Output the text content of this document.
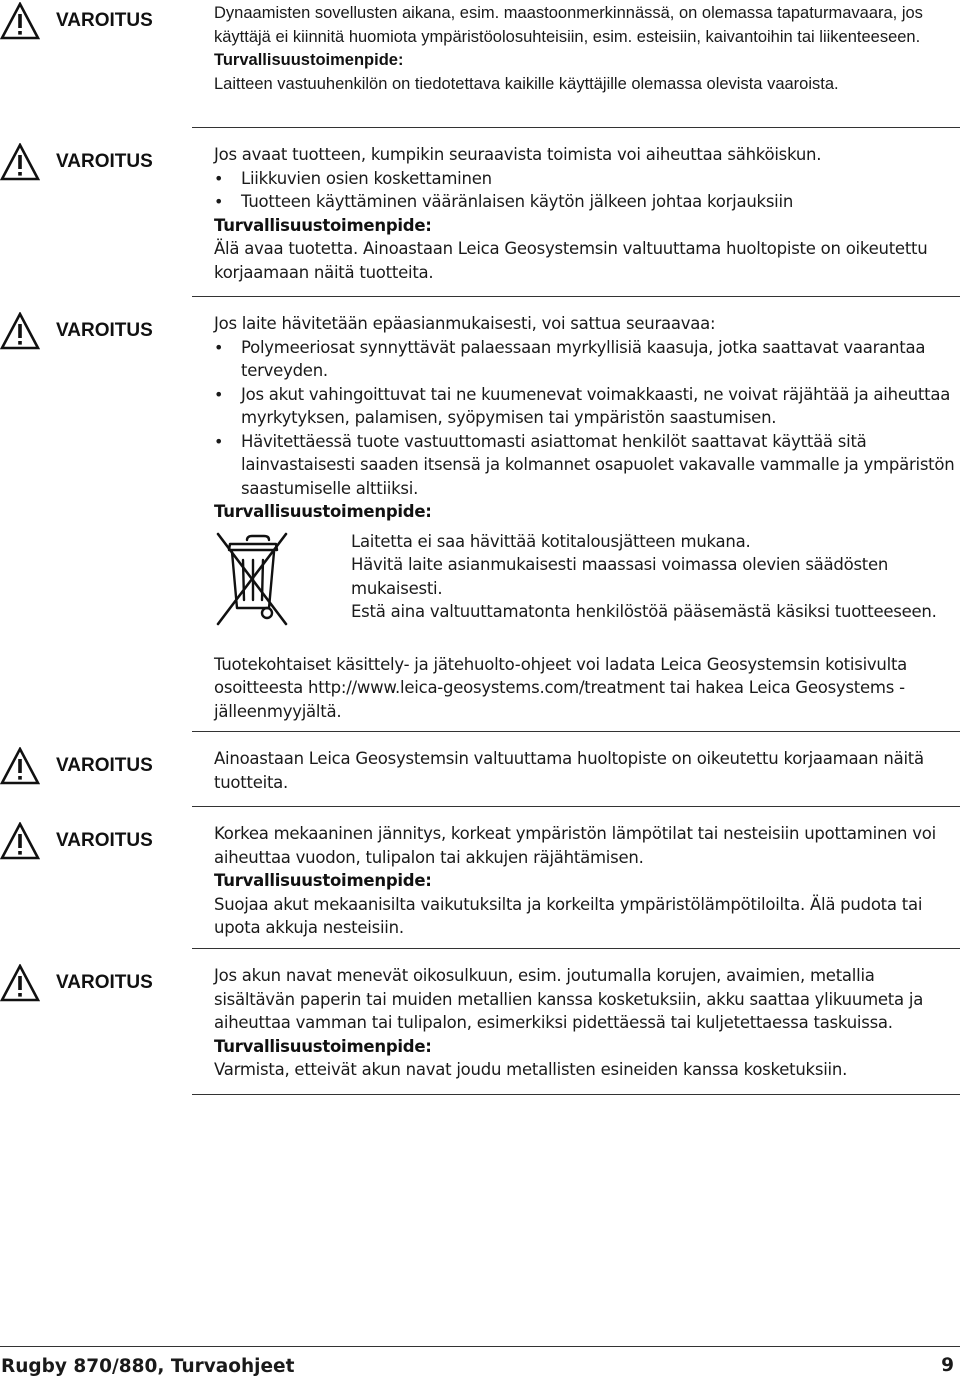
VAROITUS	Dynaamisten sovellusten aikana, esim. maastoonmerkinnässä, on olemassa tapaturmavaara, jos käyttäjä ei kiinnitä huomiota ympäristöolosuhteisiin, esim. esteisiin, kaivantoihin tai liikenteeseen.

Turvallisuustoimenpide:

Laitteen vastuuhenkilön on tiedotettava kaikille käyttäjille olemassa olevista vaaroista.

VAROITUS	Jos avaat tuotteen, kumpikin seuraavista toimista voi aiheuttaa sähköiskun.

• Liikkuvien osien koskettaminen
• Tuotteen käyttäminen vääränlaisen käytön jälkeen johtaa korjauksiin

Turvallisuustoimenpide:

Älä avaa tuotetta. Ainoastaan Leica Geosystemsin valtuuttama huoltopiste on oikeutettu korjaamaan näitä tuotteita.

VAROITUS	Jos laite hävitetään epäasianmukaisesti, voi sattua seuraavaa:

• Polymeeriosat synnyttävät palaessaan myrkyllisiä kaasuja, jotka saattavat vaarantaa terveyden.
• Jos akut vahingoittuvat tai ne kuumenevat voimakkaasti, ne voivat räjähtää ja aiheuttaa myrkytyksen, palamisen, syöpymisen tai ympäristön saastumisen.
• Hävitettäessä tuote vastuuttomasti asiattomat henkilöt saattavat käyttää sitä lainvastaisesti saaden itsensä ja kolmannet osapuolet vakavalle vammalle ja ympäristön saastumiselle alttiiksi.

Turvallisuustoimenpide:

Laitetta ei saa hävittää kotitalousjätteen mukana.

Hävitä laite asianmukaisesti maassasi voimassa olevien säädösten mukaisesti.

Estä aina valtuuttamatonta henkilöstöä pääsemästä käsiksi tuotteeseen.

Tuotekohtaiset käsittely- ja jätehuolto-ohjeet voi ladata Leica Geosystemsin kotisivulta osoitteesta http://www.leica-geosystems.com/treatment tai hakea Leica Geosystems -jälleenmyyjältä.

VAROITUS	Ainoastaan Leica Geosystemsin valtuuttama huoltopiste on oikeutettu korjaamaan näitä tuotteita.

VAROITUS	Korkea mekaaninen jännitys, korkeat ympäristön lämpötilat tai nesteisiin upottaminen voi aiheuttaa vuodon, tulipalon tai akkujen räjähtämisen.

Turvallisuustoimenpide:

Suojaa akut mekaanisilta vaikutuksilta ja korkeilta ympäristölämpötiloilta. Älä pudota tai upota akkuja nesteisiin.

VAROITUS	Jos akun navat menevät oikosulkuun, esim. joutumalla korujen, avaimien, metallia sisältävän paperin tai muiden metallien kanssa kosketuksiin, akku saattaa ylikuumeta ja aiheuttaa vamman tai tulipalon, esimerkiksi pidettäessä tai kuljetettaessa taskuissa.

Turvallisuustoimenpide:

Varmista, etteivät akun navat joudu metallisten esineiden kanssa kosketuksiin.

Rugby 870/880, Turvaohjeet	9
